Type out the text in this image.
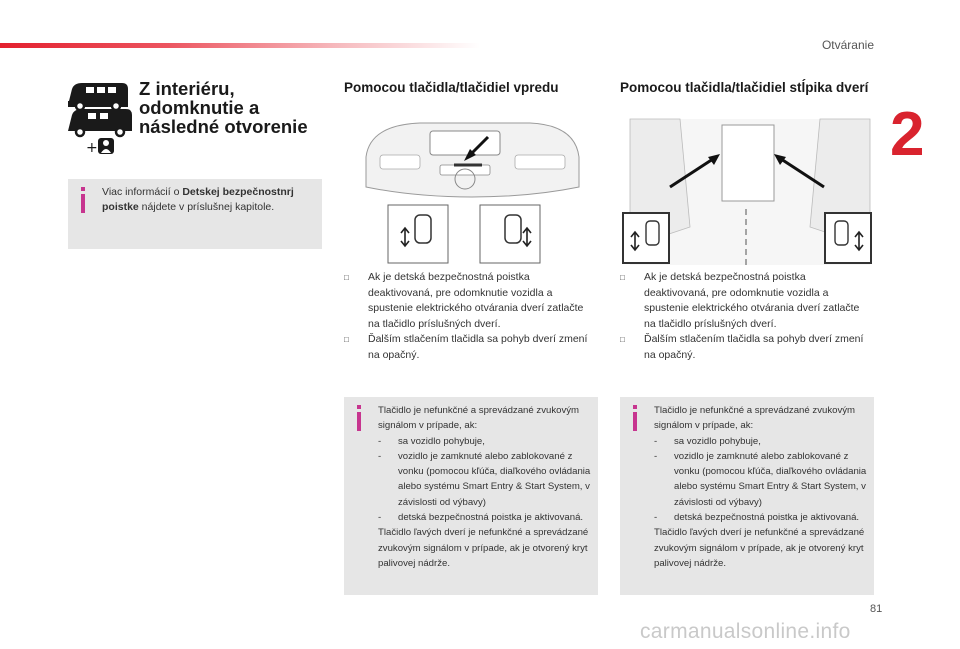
Otváranie
2
81
carmanualsonline.info
+
Z interiéru, odomknutie a následné otvorenie
Viac informácií o Detskej bezpečnostnrj poistke nájdete v príslušnej kapitole.
Pomocou tlačidla/tlačidiel vpredu	Pomocou tlačidla/tlačidiel stĺpika dverí
□ Ak je detská bezpečnostná poistka deaktivovaná, pre odomknutie vozidla a spustenie elektrického otvárania dverí zatlačte na tlačidlo príslušných dverí.
□ Ďalším stlačením tlačidla sa pohyb dverí zmení na opačný.
□ Ak je detská bezpečnostná poistka deaktivovaná, pre odomknutie vozidla a spustenie elektrického otvárania dverí zatlačte na tlačidlo príslušných dverí.
□ Ďalším stlačením tlačidla sa pohyb dverí zmení na opačný.
Tlačidlo je nefunkčné a sprevádzané zvukovým signálom v prípade, ak:
- sa vozidlo pohybuje,
- vozidlo je zamknuté alebo zablokované z vonku (pomocou kľúča, diaľkového ovládania alebo systému Smart Entry & Start System, v závislosti od výbavy)
- detská bezpečnostná poistka je aktivovaná.
Tlačidlo ľavých dverí je nefunkčné a sprevádzané zvukovým signálom v prípade, ak je otvorený kryt palivovej nádrže.
Tlačidlo je nefunkčné a sprevádzané zvukovým signálom v prípade, ak:
- sa vozidlo pohybuje,
- vozidlo je zamknuté alebo zablokované z vonku (pomocou kľúča, diaľkového ovládania alebo systému Smart Entry & Start System, v závislosti od výbavy)
- detská bezpečnostná poistka je aktivovaná.
Tlačidlo ľavých dverí je nefunkčné a sprevádzané zvukovým signálom v prípade, ak je otvorený kryt palivovej nádrže.
